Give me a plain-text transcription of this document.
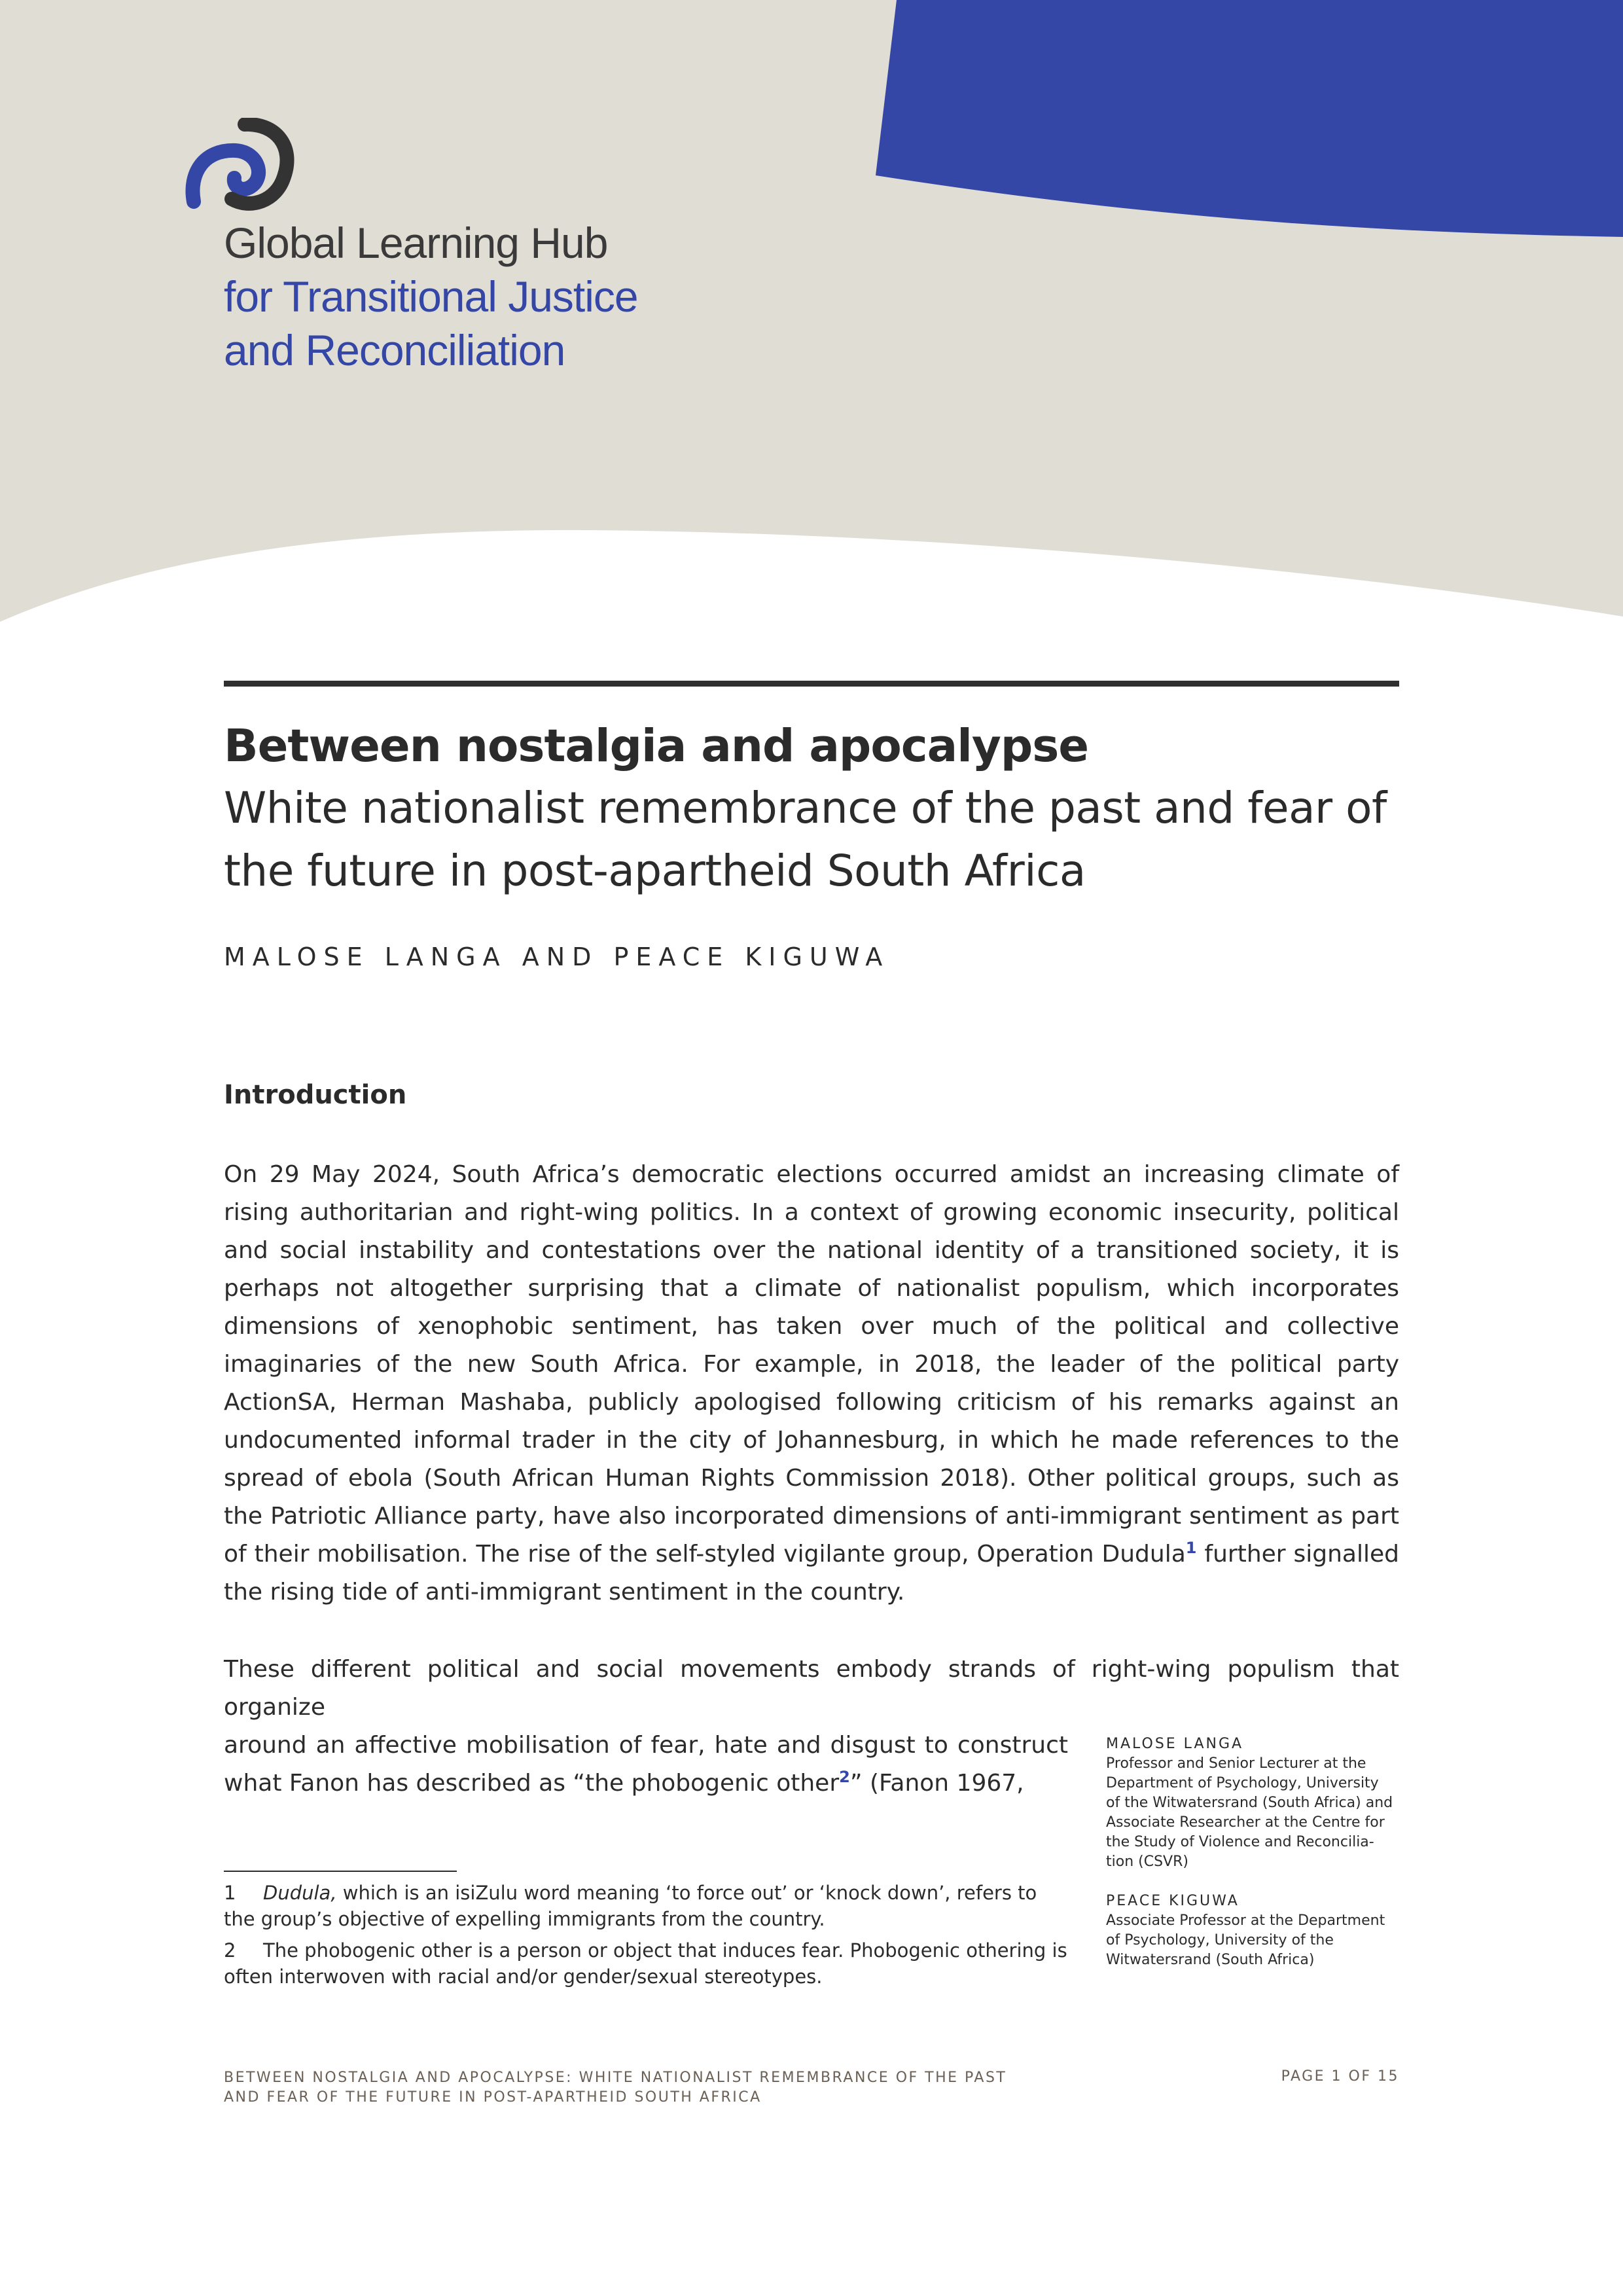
Global Learning Hub
for Transitional Justice
and Reconciliation
Between nostalgia and apocalypse
White nationalist remembrance of the past and fear of the future in post-apartheid South Africa
MALOSE LANGA AND PEACE KIGUWA
Introduction

On 29 May 2024, South Africa’s democratic elections occurred amidst an increasing climate of rising authoritarian and right-wing politics. In a context of growing economic insecurity, political and social instability and contestations over the national identity of a transitioned society, it is perhaps not altogether surprising that a climate of nationalist populism, which incorporates dimensions of xenophobic sentiment, has taken over much of the political and collective imaginaries of the new South Africa. For example, in 2018, the leader of the political party ActionSA, Herman Mashaba, publicly apologised following criticism of his remarks against an undocumented informal trader in the city of Johannesburg, in which he made references to the spread of ebola (South African Human Rights Commission 2018). Other political groups, such as the Patriotic Alliance party, have also incorporated dimensions of anti-immigrant sentiment as part of their mobilisation. The rise of the self-styled vigilante group, Operation Dudula$^1$ further signalled the rising tide of anti-immigrant sentiment in the country.

These different political and social movements embody strands of right-wing populism that organize
around an affective mobilisation of fear, hate and disgust to construct what Fanon has described as “the phobogenic other$^2$” (Fanon 1967,
MALOSE LANGA
Professor and Senior Lecturer at the Department of Psychology, University of the Witwatersrand (South Africa) and Associate Researcher at the Centre for the Study of Violence and Reconciliation (CSVR)
PEACE KIGUWA
Associate Professor at the Department of Psychology, University of the Witwatersrand (South Africa)

1 Dudula, which is an isiZulu word meaning ‘to force out’ or ‘knock down’, refers to the group’s objective of expelling immigrants from the country.

2 The phobogenic other is a person or object that induces fear. Phobogenic othering is often interwoven with racial and/or gender/sexual stereotypes.

BETWEEN NOSTALGIA AND APOCALYPSE: WHITE NATIONALIST REMEMBRANCE OF THE PAST
AND FEAR OF THE FUTURE IN POST-APARTHEID SOUTH AFRICA
PAGE 1 OF 15
